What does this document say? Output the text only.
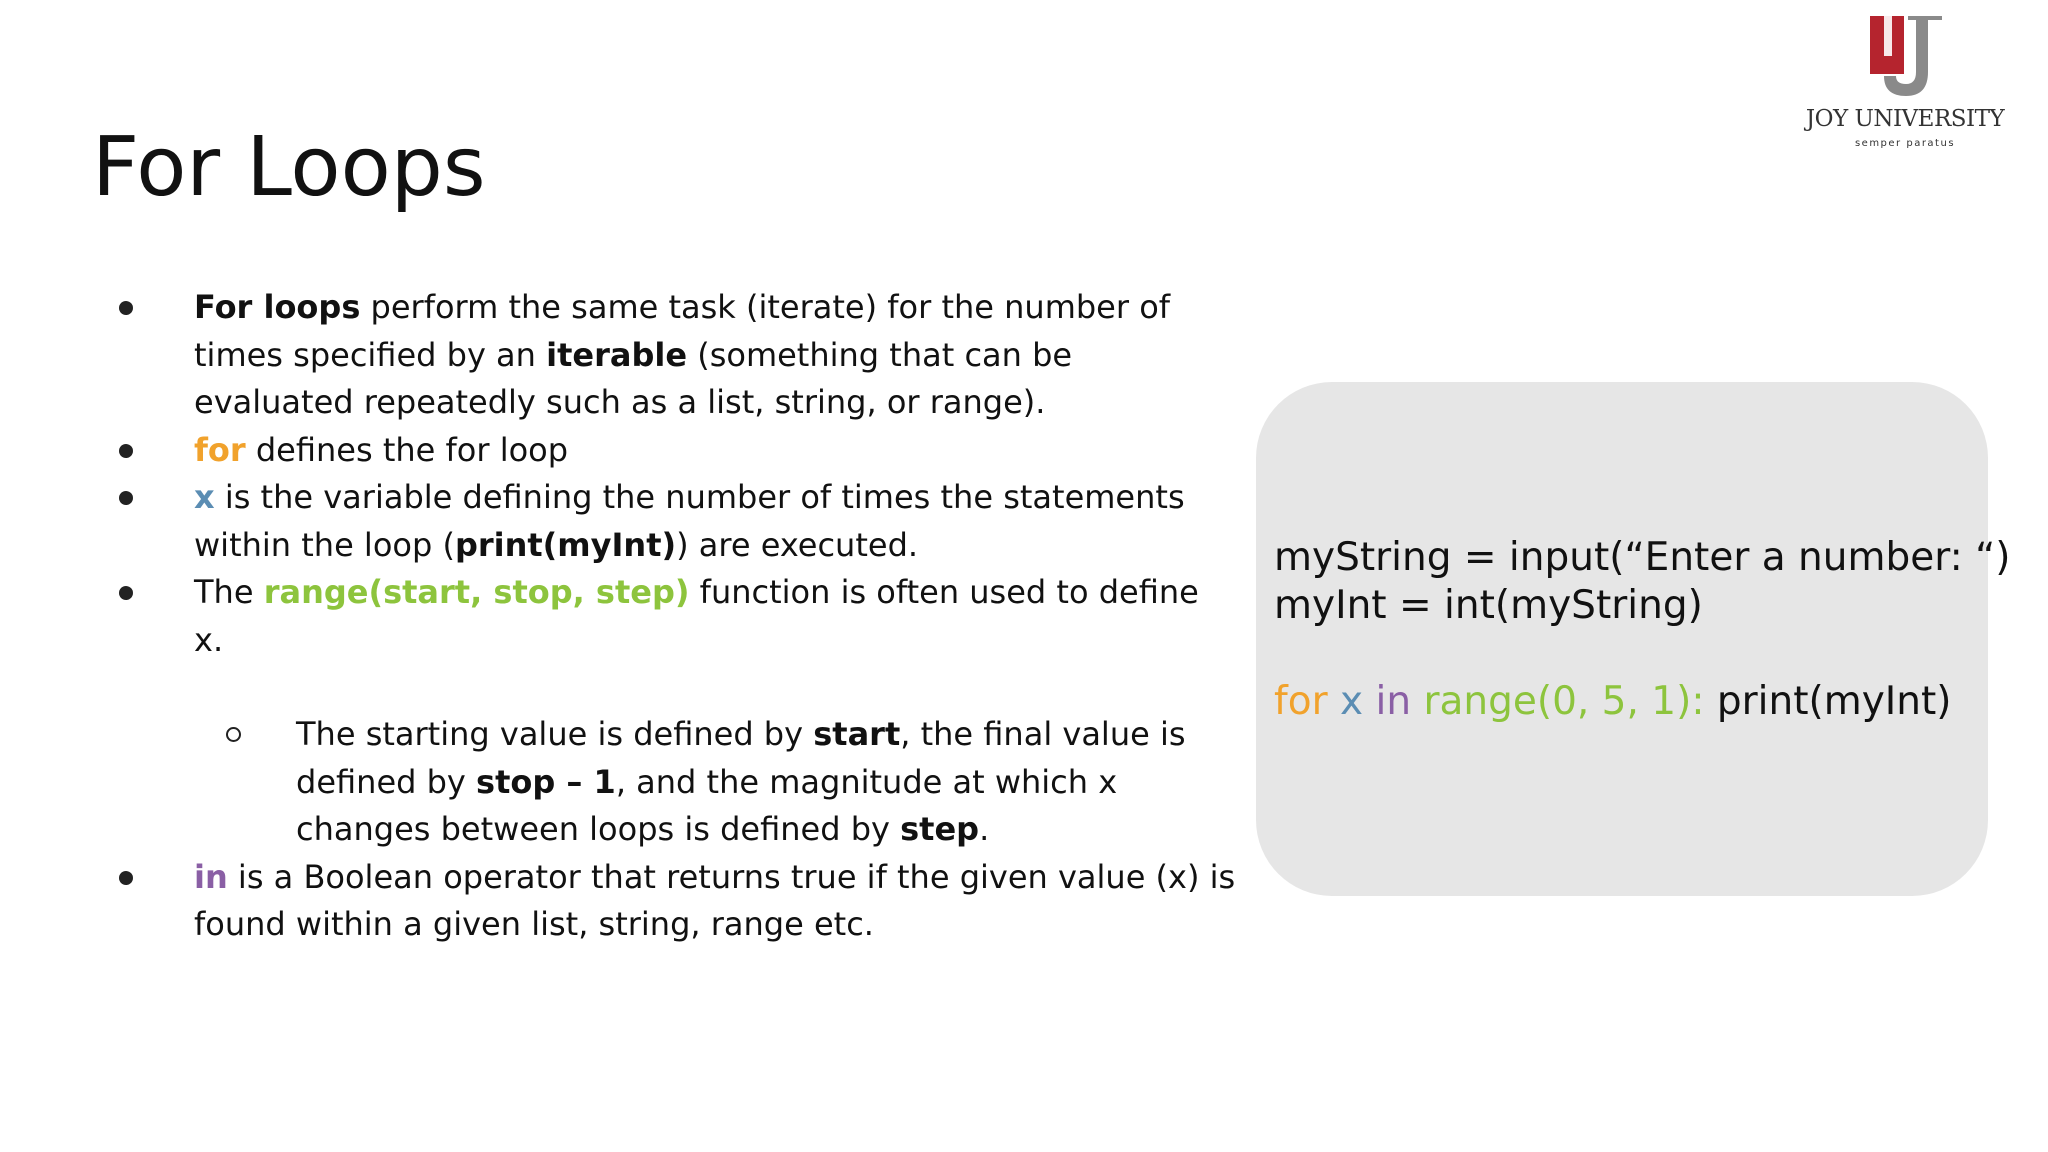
For Loops
JOY UNIVERSITY
semper paratus
For loops perform the same task (iterate) for the number of times specified by an iterable (something that can be evaluated repeatedly such as a list, string, or range).
for defines the for loop
x is the variable defining the number of times the statements within the loop (print(myInt)) are executed.
The range(start, stop, step) function is often used to define x.
The starting value is defined by start, the final value is defined by stop – 1, and the magnitude at which x changes between loops is defined by step.
in is a Boolean operator that returns true if the given value (x) is found within a given list, string, range etc.
myString = input(“Enter a number: “)
myInt = int(myString)
for x in range(0, 5, 1): print(myInt)
